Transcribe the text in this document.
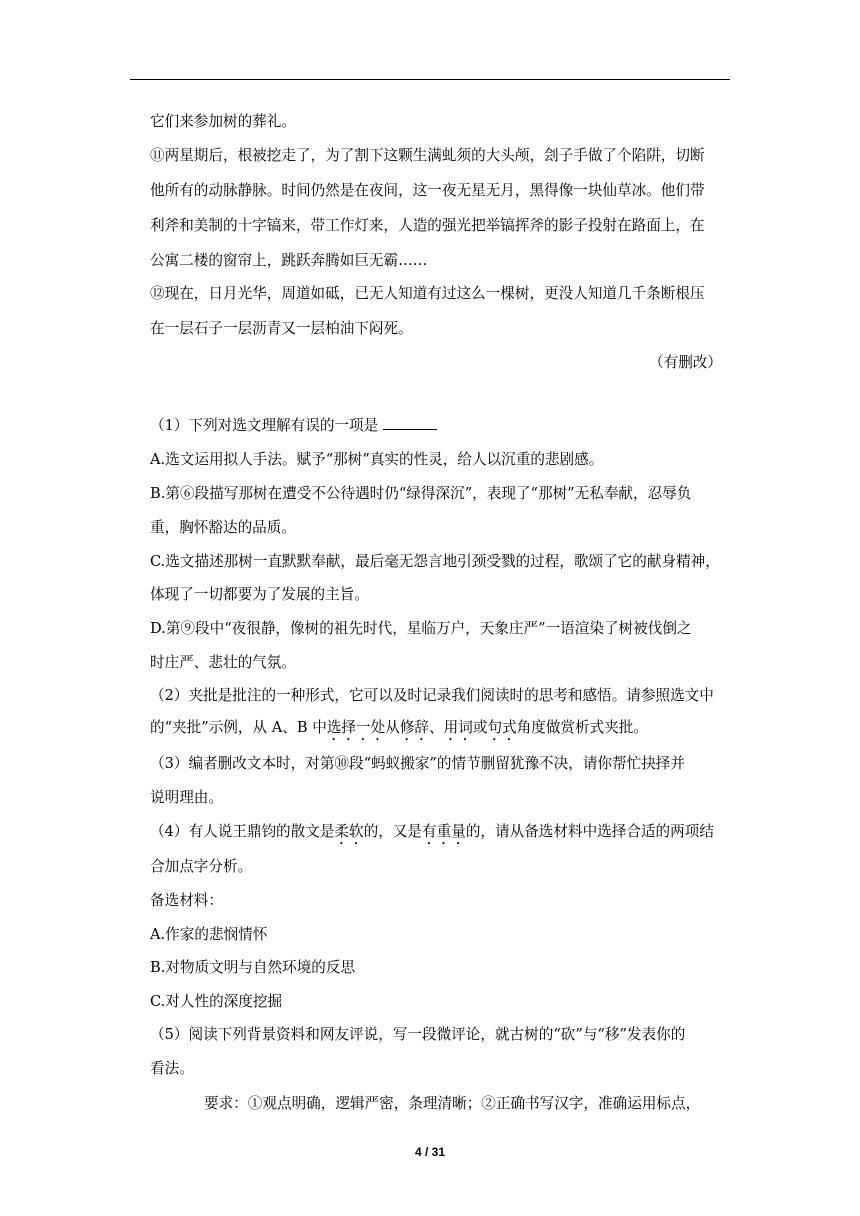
它们来参加树的葬礼。

⑪两星期后，根被挖走了，为了割下这颗生满虬须的大头颅，刽子手做了个陷阱，切断

他所有的动脉静脉。时间仍然是在夜间，这一夜无星无月，黑得像一块仙草冰。他们带

利斧和美制的十字镐来，带工作灯来，人造的强光把举镐挥斧的影子投射在路面上，在

公寓二楼的窗帘上，跳跃奔腾如巨无霸……

⑫现在，日月光华，周道如砥，已无人知道有过这么一棵树，更没人知道几千条断根压

在一层石子一层沥青又一层柏油下闷死。

（有删改）

（1）下列对选文理解有误的一项是

A.选文运用拟人手法。赋予“那树”真实的性灵，给人以沉重的悲剧感。

B.第⑥段描写那树在遭受不公待遇时仍“绿得深沉”，表现了“那树”无私奉献，忍辱负

重，胸怀豁达的品质。

C.选文描述那树一直默默奉献，最后毫无怨言地引颈受戮的过程，歌颂了它的献身精神，

体现了一切都要为了发展的主旨。

D.第⑨段中“夜很静，像树的祖先时代，星临万户，天象庄严”一语渲染了树被伐倒之

时庄严、悲壮的气氛。

（2）夹批是批注的一种形式，它可以及时记录我们阅读时的思考和感悟。请参照选文中

的“夹批”示例，从 A、B 中选择一处从修辞、用词或句式角度做赏析式夹批。

（3）编者删改文本时，对第⑩段“蚂蚁搬家”的情节删留犹豫不决，请你帮忙抉择并

说明理由。

（4）有人说王鼎钧的散文是柔软的，又是有重量的，请从备选材料中选择合适的两项结

合加点字分析。

备选材料：

A.作家的悲悯情怀

B.对物质文明与自然环境的反思

C.对人性的深度挖掘

（5）阅读下列背景资料和网友评说，写一段微评论，就古树的“砍”与“移”发表你的

看法。

要求：①观点明确，逻辑严密，条理清晰；②正确书写汉字，准确运用标点，

4 / 31
